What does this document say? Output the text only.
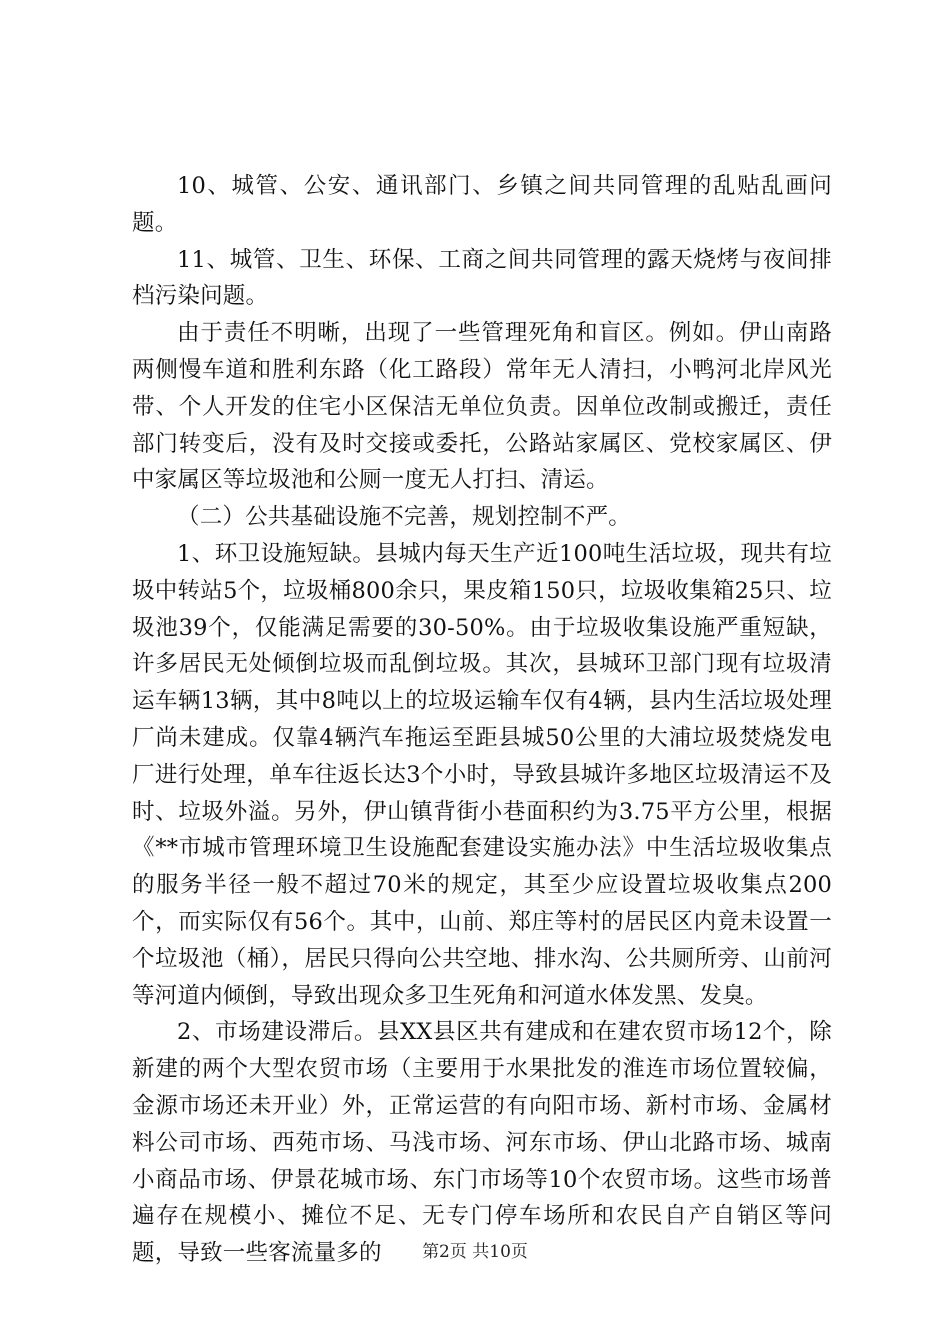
10、城管、公安、通讯部门、乡镇之间共同管理的乱贴乱画问题。

11、城管、卫生、环保、工商之间共同管理的露天烧烤与夜间排档污染问题。

由于责任不明晰，出现了一些管理死角和盲区。例如。伊山南路两侧慢车道和胜利东路（化工路段）常年无人清扫，小鸭河北岸风光带、个人开发的住宅小区保洁无单位负责。因单位改制或搬迁，责任部门转变后，没有及时交接或委托，公路站家属区、党校家属区、伊中家属区等垃圾池和公厕一度无人打扫、清运。

（二）公共基础设施不完善，规划控制不严。

1、环卫设施短缺。县城内每天生产近100吨生活垃圾，现共有垃圾中转站5个，垃圾桶800余只，果皮箱150只，垃圾收集箱25只、垃圾池39个，仅能满足需要的30-50%。由于垃圾收集设施严重短缺，许多居民无处倾倒垃圾而乱倒垃圾。其次，县城环卫部门现有垃圾清运车辆13辆，其中8吨以上的垃圾运输车仅有4辆，县内生活垃圾处理厂尚未建成。仅靠4辆汽车拖运至距县城50公里的大浦垃圾焚烧发电厂进行处理，单车往返长达3个小时，导致县城许多地区垃圾清运不及时、垃圾外溢。另外，伊山镇背街小巷面积约为3.75平方公里，根据《**市城市管理环境卫生设施配套建设实施办法》中生活垃圾收集点的服务半径一般不超过70米的规定，其至少应设置垃圾收集点200个，而实际仅有56个。其中，山前、郑庄等村的居民区内竟未设置一个垃圾池（桶），居民只得向公共空地、排水沟、公共厕所旁、山前河等河道内倾倒，导致出现众多卫生死角和河道水体发黑、发臭。

2、市场建设滞后。县XX县区共有建成和在建农贸市场12个，除新建的两个大型农贸市场（主要用于水果批发的淮连市场位置较偏，金源市场还未开业）外，正常运营的有向阳市场、新村市场、金属材料公司市场、西苑市场、马浅市场、河东市场、伊山北路市场、城南小商品市场、伊景花城市场、东门市场等10个农贸市场。这些市场普遍存在规模小、摊位不足、无专门停车场所和农民自产自销区等问题，导致一些客流量多的	第2页 共10页
